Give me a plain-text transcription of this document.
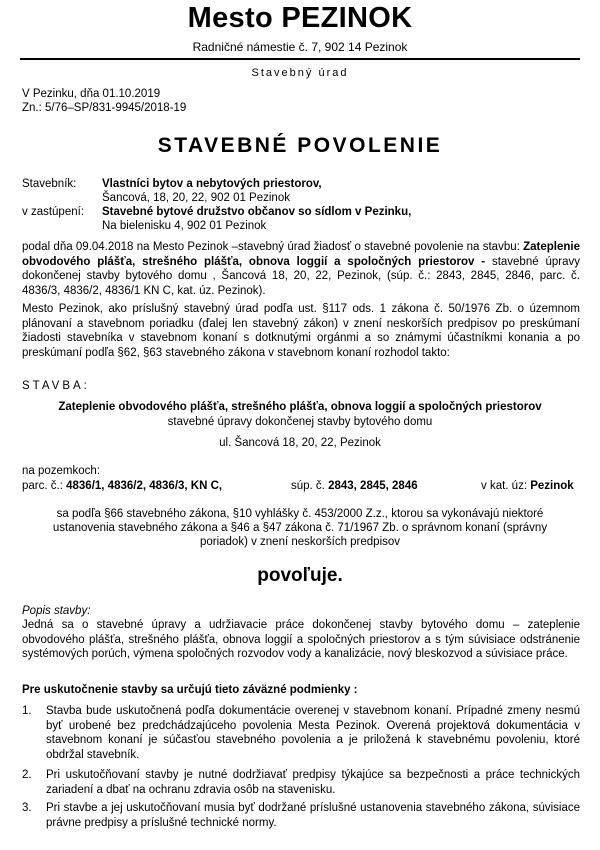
Mesto PEZINOK
Radničné námestie č. 7, 902 14 Pezinok
Stavebný úrad
V Pezinku, dňa 01.10.2019
Zn.: 5/76–SP/831-9945/2018-19
STAVEBNÉ POVOLENIE
Stavebník: Vlastníci bytov a nebytových priestorov,
Šancová, 18, 20, 22, 902 01 Pezinok
v zastúpení: Stavebné bytové družstvo občanov so sídlom v Pezinku,
Na bielenisku 4, 902 01 Pezinok
podal dňa 09.04.2018 na Mesto Pezinok –stavebný úrad žiadosť o stavebné povolenie na stavbu: Zateplenie obvodového plášťa, strešného plášťa, obnova loggií a spoločných priestorov - stavebné úpravy dokončenej stavby bytového domu , Šancová 18, 20, 22, Pezinok, (súp. č.: 2843, 2845, 2846, parc. č. 4836/3, 4836/2, 4836/1 KN C, kat. úz. Pezinok).
Mesto Pezinok, ako príslušný stavebný úrad podľa ust. §117 ods. 1 zákona č. 50/1976 Zb. o územnom plánovaní a stavebnom poriadku (ďalej len stavebný zákon) v znení neskorších predpisov po preskúmaní žiadosti stavebníka v stavebnom konaní s dotknutými orgánmi a so známymi účastníkmi konania a po preskúmaní podľa §62, §63 stavebného zákona v stavebnom konaní rozhodol takto:
STAVBA:
Zateplenie obvodového plášťa, strešného plášťa, obnova loggií a spoločných priestorov
stavebné úpravy dokončenej stavby bytového domu
ul. Šancová 18, 20, 22, Pezinok
na pozemkoch:
parc. č.: 4836/1, 4836/2, 4836/3, KN C,	súp. č. 2843, 2845, 2846	v kat. úz: Pezinok
sa podľa §66 stavebného zákona, §10 vyhlášky č. 453/2000 Z.z., ktorou sa vykonávajú niektoré
ustanovenia stavebného zákona a §46 a §47 zákona č. 71/1967 Zb. o správnom konaní (správny
poriadok) v znení neskorších predpisov
povoľuje.
Popis stavby:
Jedná sa o stavebné úpravy a udržiavacie práce dokončenej stavby bytového domu – zateplenie obvodového plášťa, strešného plášťa, obnova loggií a spoločných priestorov a s tým súvisiace odstránenie systémových porúch, výmena spoločných rozvodov vody a kanalizácie, nový bleskozvod a súvisiace práce.
Pre uskutočnenie stavby sa určujú tieto záväzné podmienky :
1. Stavba bude uskutočnená podľa dokumentácie overenej v stavebnom konaní. Prípadné zmeny nesmú byť urobené bez predchádzajúceho povolenia Mesta Pezinok. Overená projektová dokumentácia v stavebnom konaní je súčasťou stavebného povolenia a je priložená k stavebnému povoleniu, ktoré obdržal stavebník.
2. Pri uskutočňovaní stavby je nutné dodržiavať predpisy týkajúce sa bezpečnosti a práce technických zariadení a dbať na ochranu zdravia osôb na stavenisku.
3. Pri stavbe a jej uskutočňovaní musia byť dodržané príslušné ustanovenia stavebného zákona, súvisiace právne predpisy a príslušné technické normy.
